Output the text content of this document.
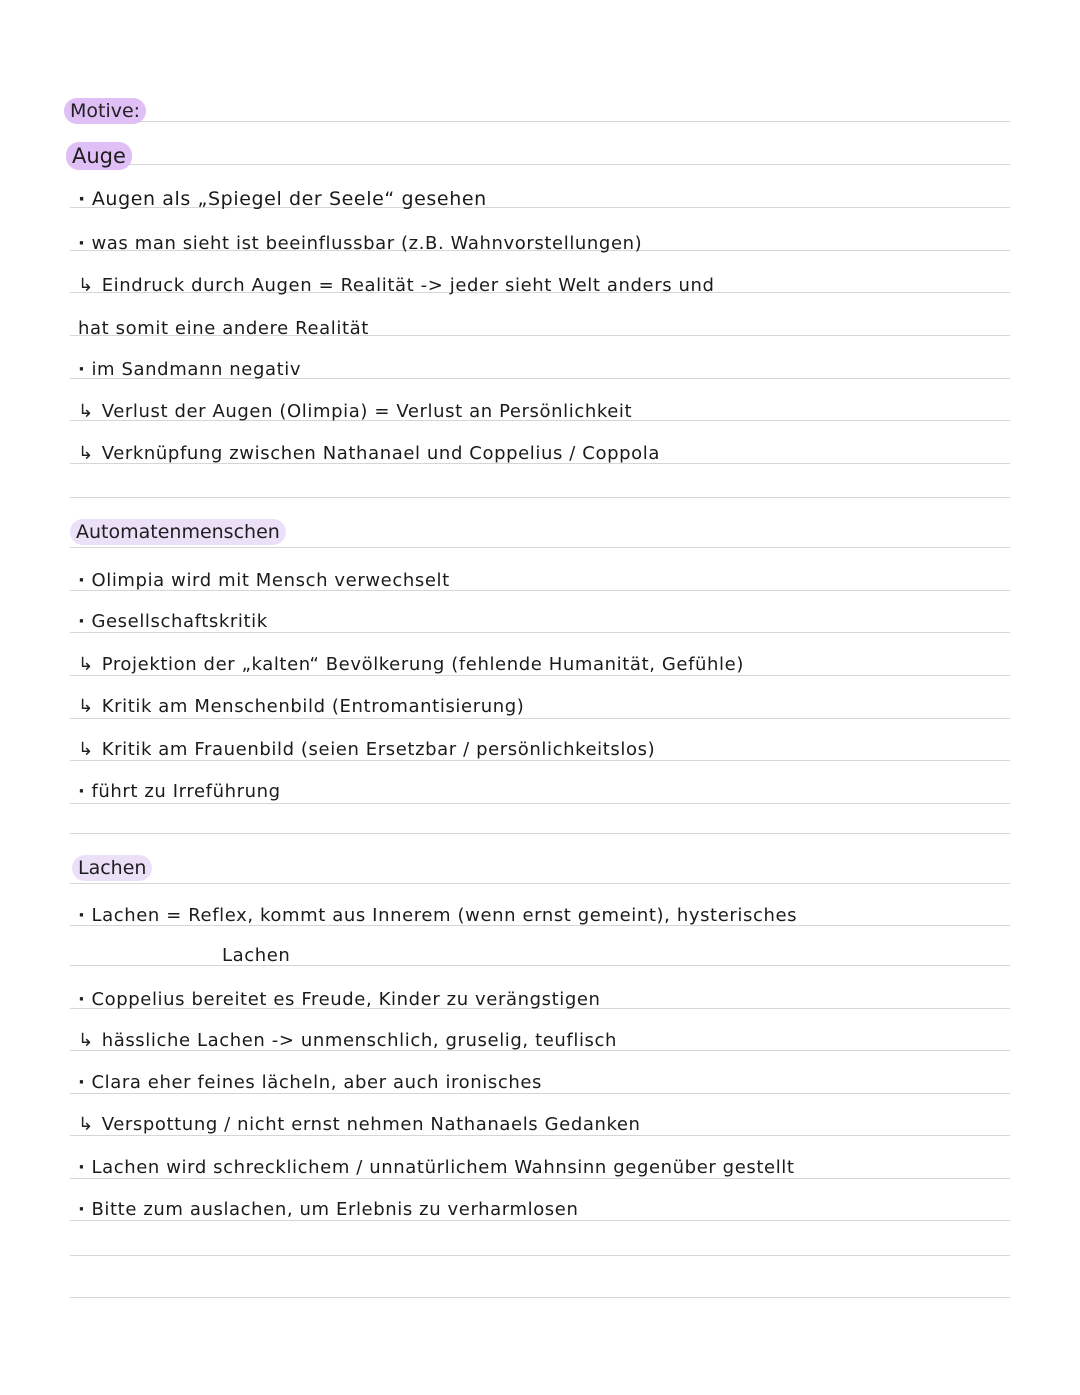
Motive:
Auge
· Augen als „Spiegel der Seele“ gesehen
· was man sieht ist beeinflussbar (z.B. Wahnvorstellungen)
↳ Eindruck durch Augen = Realität -> jeder sieht Welt anders und
hat somit eine andere Realität
· im Sandmann negativ
↳ Verlust der Augen (Olimpia) = Verlust an Persönlichkeit
↳ Verknüpfung zwischen Nathanael und Coppelius / Coppola
Automatenmenschen
· Olimpia wird mit Mensch verwechselt
· Gesellschaftskritik
↳ Projektion der „kalten“ Bevölkerung (fehlende Humanität, Gefühle)
↳ Kritik am Menschenbild (Entromantisierung)
↳ Kritik am Frauenbild (seien Ersetzbar / persönlichkeitslos)
· führt zu Irreführung
Lachen
· Lachen = Reflex, kommt aus Innerem (wenn ernst gemeint), hysterisches
Lachen
· Coppelius bereitet es Freude, Kinder zu verängstigen
↳ hässliche Lachen -> unmenschlich, gruselig, teuflisch
· Clara eher feines lächeln, aber auch ironisches
↳ Verspottung / nicht ernst nehmen Nathanaels Gedanken
· Lachen wird schrecklichem / unnatürlichem Wahnsinn gegenüber gestellt
· Bitte zum auslachen, um Erlebnis zu verharmlosen
